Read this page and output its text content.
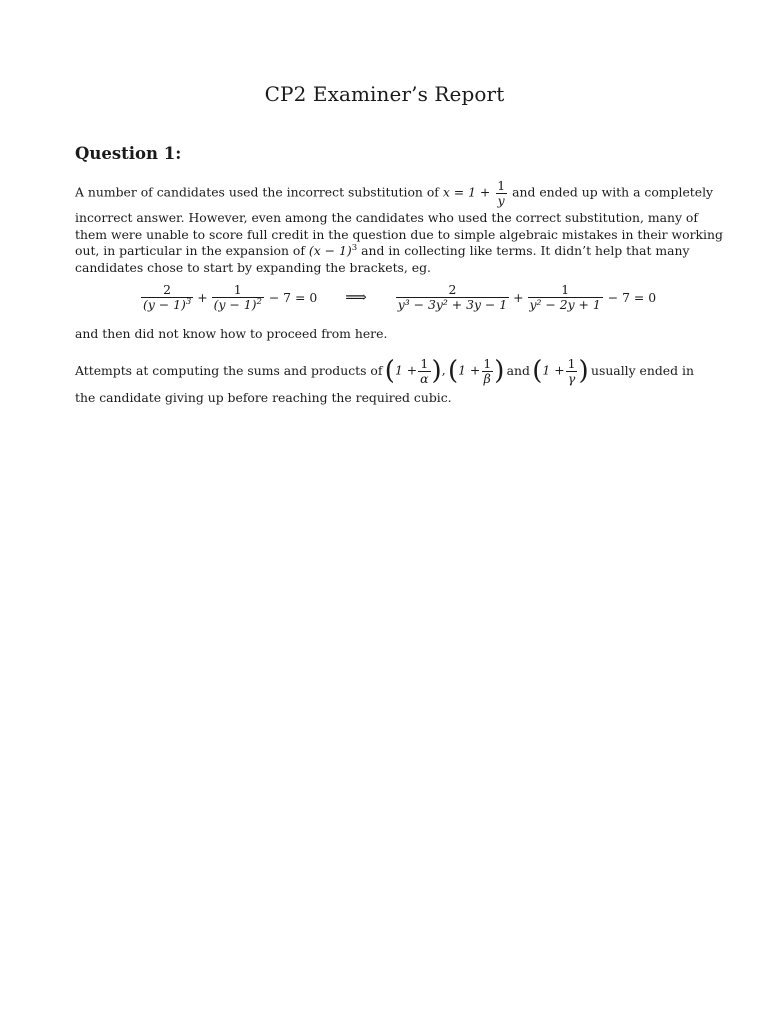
CP2 Examiner’s Report
Question 1:
A number of candidates used the incorrect substitution of $x = 1 + \frac{1}{y}$ and ended up with a completely
incorrect answer. However, even among the candidates who used the correct substitution, many of
them were unable to score full credit in the question due to simple algebraic mistakes in their working
out, in particular in the expansion of $(x - 1)^3$ and in collecting like terms. It didn’t help that many
candidates chose to start by expanding the brackets, eg.
$\frac{2}{(y - 1)^3} + \frac{1}{(y - 1)^2} - 7 = 0$ ⟹ $\frac{2}{\text{y³ − 3y² + 3y − 1}} + \frac{1}{\text{y² − 2y + 1}} - 7 = 0$
and then did not know how to proceed from here.
Attempts at computing the sums and products of ($1 + \frac{1}{\alpha}$ ), ($1 + \frac{1}{\beta}$ ) and ($1 + \frac{1}{\gamma}$ ) usually ended in
the candidate giving up before reaching the required cubic.
